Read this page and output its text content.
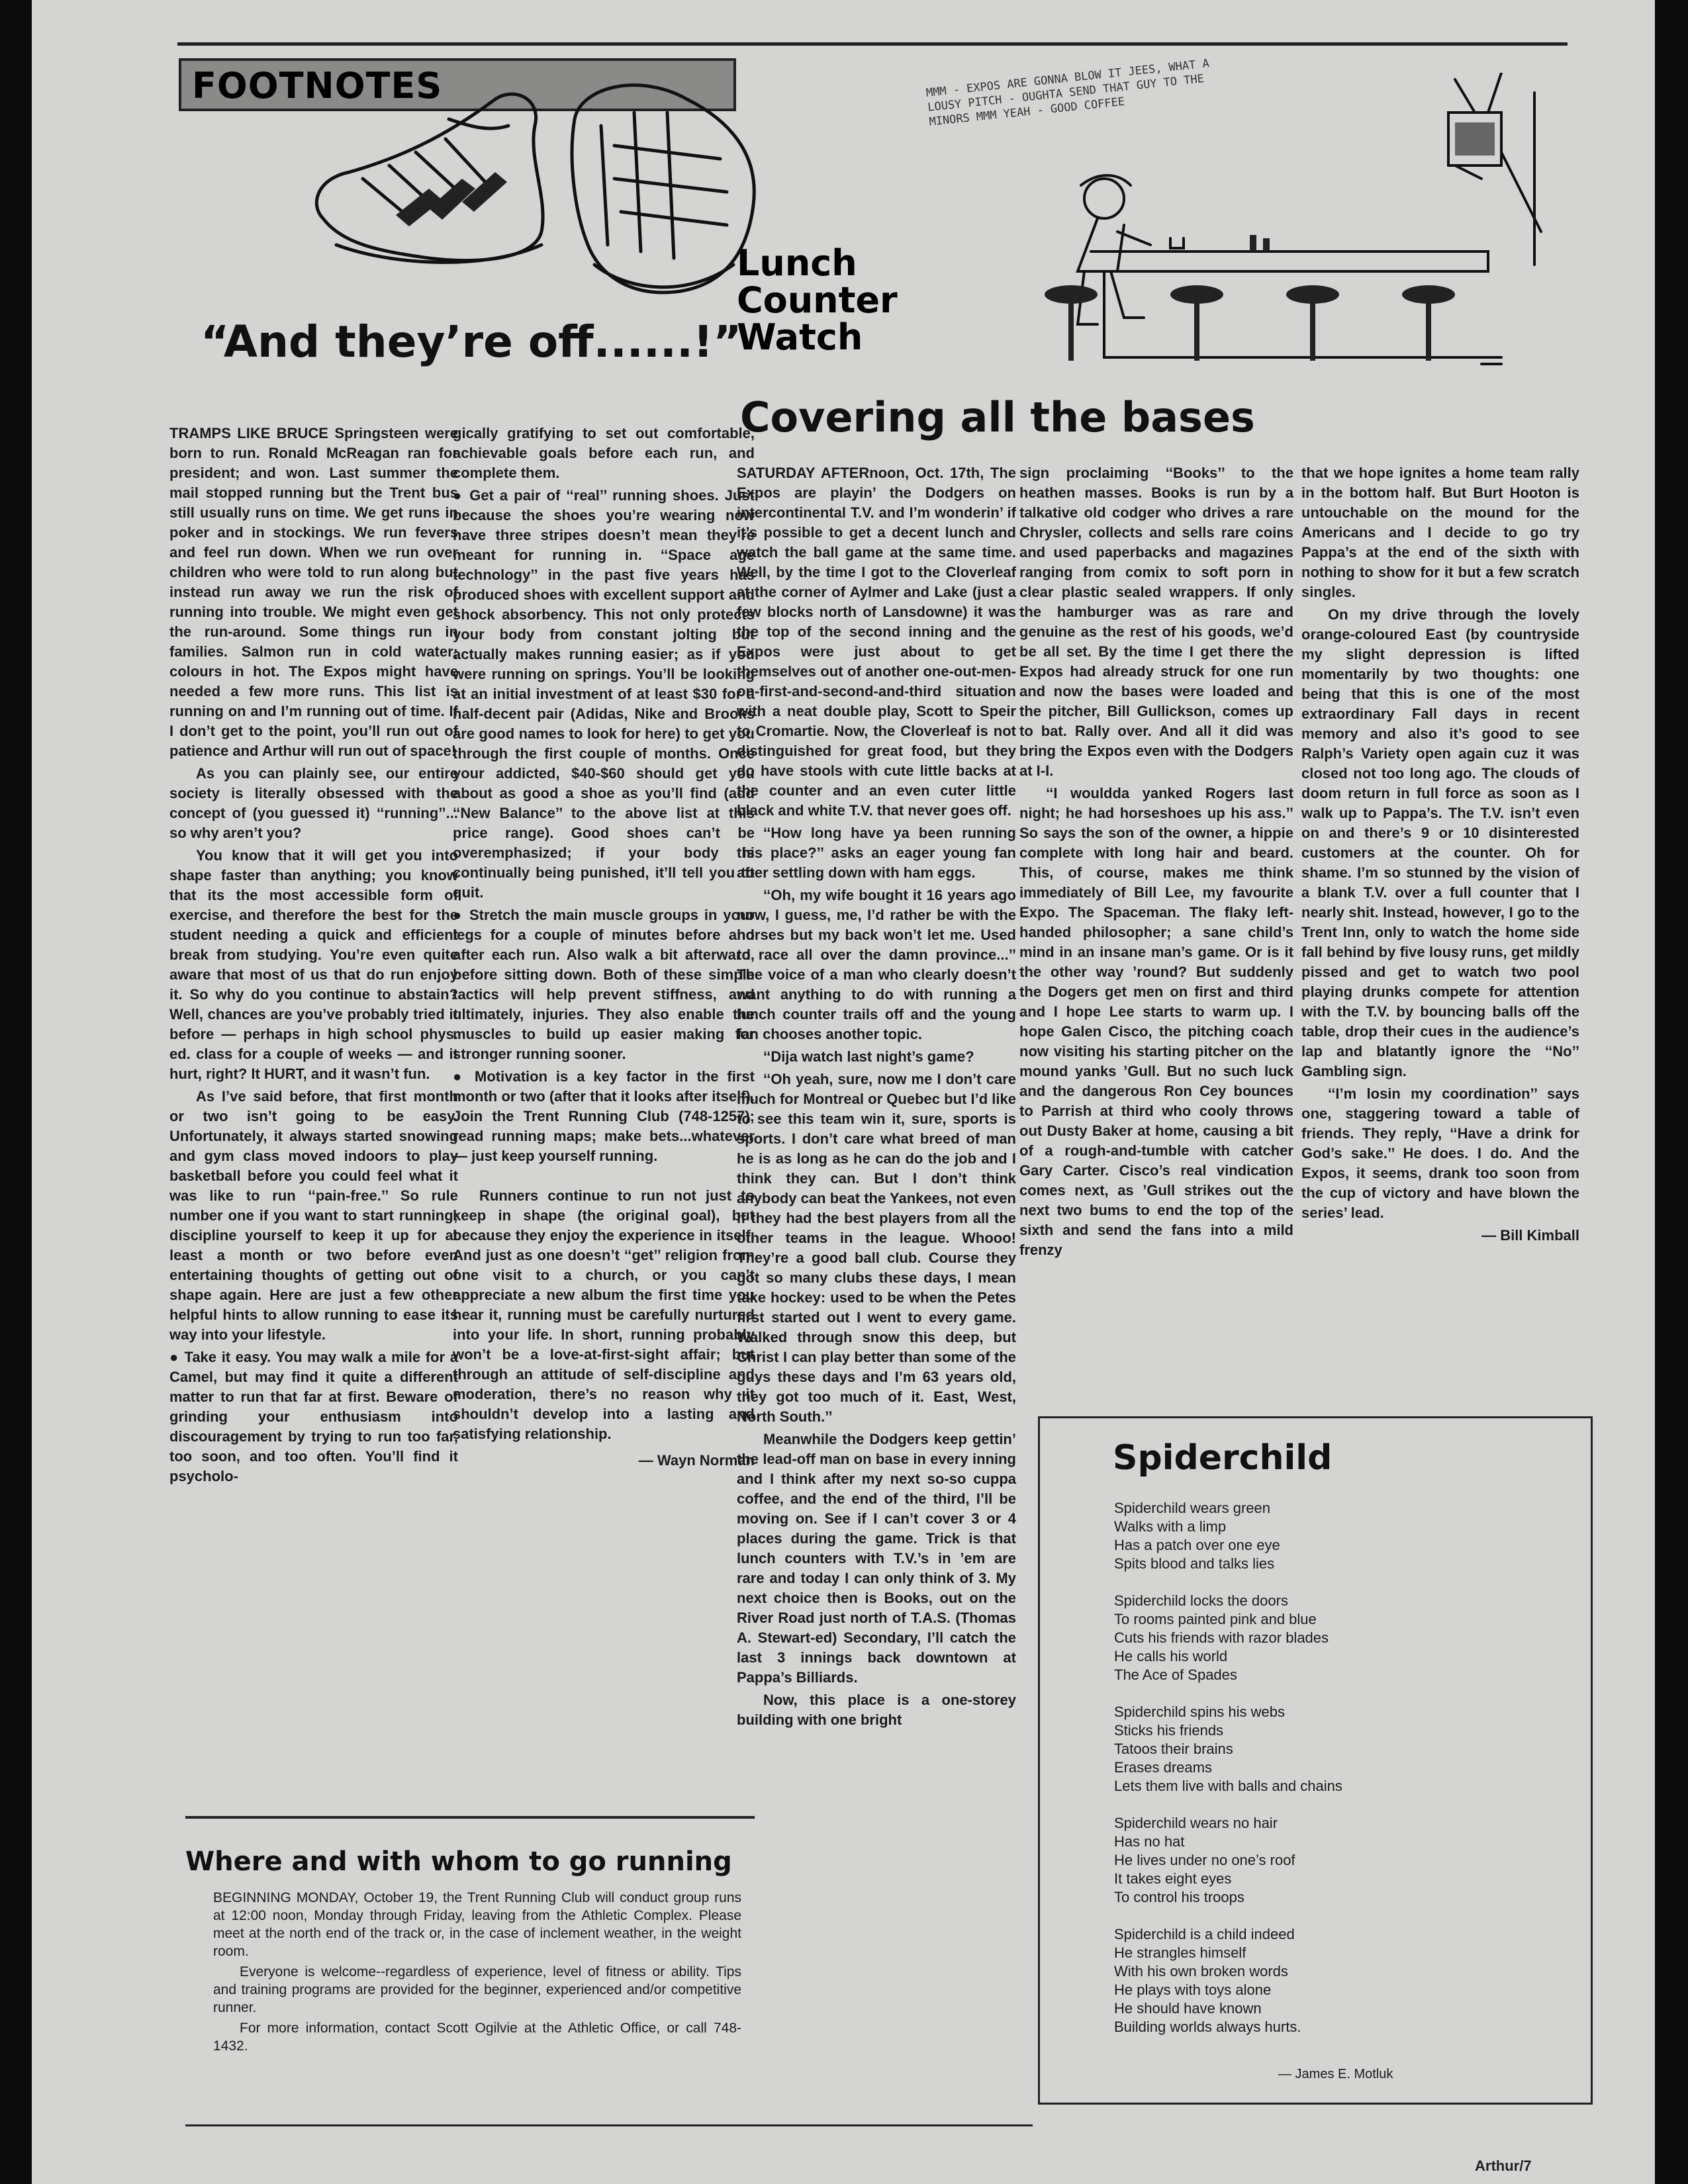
FOOTNOTES
“And they’re off......!”
Lunch
Counter
Watch
Covering all the bases
MMM - EXPOS ARE GONNA BLOW IT JEES, WHAT A LOUSY PITCH - OUGHTA SEND THAT GUY TO THE MINORS MMM YEAH - GOOD COFFEE

TRAMPS LIKE BRUCE Springsteen were born to run. Ronald McReagan ran for president; and won. Last summer the mail stopped running but the Trent bus still usually runs on time. We get runs in poker and in stockings. We run fevers and feel run down. When we run over children who were told to run along but instead run away we run the risk of running into trouble. We might even get the run-around. Some things run in families. Salmon run in cold water; colours in hot. The Expos might have needed a few more runs. This list is running on and I’m running out of time. If I don’t get to the point, you’ll run out of patience and Arthur will run out of space!

As you can plainly see, our entire society is literally obsessed with the concept of (you guessed it) ‘‘running’’... so why aren’t you?

You know that it will get you into shape faster than anything; you know that its the most accessible form of exercise, and therefore the best for the student needing a quick and efficient break from studying. You’re even quite aware that most of us that do run enjoy it. So why do you continue to abstain? Well, chances are you’ve probably tried it before — perhaps in high school phys. ed. class for a couple of weeks — and it hurt, right? It HURT, and it wasn’t fun.

As I’ve said before, that first month or two isn’t going to be easy. Unfortunately, it always started snowing and gym class moved indoors to play basketball before you could feel what it was like to run ‘‘pain-free.’’ So rule number one if you want to start running; discipline yourself to keep it up for at least a month or two before even entertaining thoughts of getting out of shape again. Here are just a few other helpful hints to allow running to ease its way into your lifestyle.

● Take it easy. You may walk a mile for a Camel, but may find it quite a different matter to run that far at first. Beware of grinding your enthusiasm into discouragement by trying to run too far, too soon, and too often. You’ll find it psycholo-

gically gratifying to set out comfortable, achievable goals before each run, and complete them.

● Get a pair of ‘‘real’’ running shoes. Just because the shoes you’re wearing now have three stripes doesn’t mean they’re meant for running in. ‘‘Space age technology’’ in the past five years has produced shoes with excellent support and shock absorbency. This not only protects your body from constant jolting but actually makes running easier; as if you were running on springs. You’ll be looking at an initial investment of at least $30 for a half-decent pair (Adidas, Nike and Brooks are good names to look for here) to get you through the first couple of months. Once your addicted, $40-$60 should get you about as good a shoe as you’ll find (add ‘‘New Balance’’ to the above list at this price range). Good shoes can’t be overemphasized; if your body is continually being punished, it’ll tell you to quit.

● Stretch the main muscle groups in your legs for a couple of minutes before and after each run. Also walk a bit afterward, before sitting down. Both of these simple tactics will help prevent stiffness, and ultimately, injuries. They also enable the muscles to build up easier making for stronger running sooner.

● Motivation is a key factor in the first month or two (after that it looks after itself). Join the Trent Running Club (748-1257); read running maps; make bets...whatever — just keep yourself running.

Runners continue to run not just to keep in shape (the original goal), but because they enjoy the experience in itself. And just as one doesn’t ‘‘get’’ religion from one visit to a church, or you can’t appreciate a new album the first time you hear it, running must be carefully nurtured into your life. In short, running probably won’t be a love-at-first-sight affair; but through an attitude of self-discipline and moderation, there’s no reason why it shouldn’t develop into a lasting and satisfying relationship.

— Wayn Norman

Where and with whom to go running

BEGINNING MONDAY, October 19, the Trent Running Club will conduct group runs at 12:00 noon, Monday through Friday, leaving from the Athletic Complex. Please meet at the north end of the track or, in the case of inclement weather, in the weight room.

Everyone is welcome--regardless of experience, level of fitness or ability. Tips and training programs are provided for the beginner, experienced and/or competitive runner.

For more information, contact Scott Ogilvie at the Athletic Office, or call 748-1432.

SATURDAY AFTERnoon, Oct. 17th, The Expos are playin’ the Dodgers on intercontinental T.V. and I’m wonderin’ if it’s possible to get a decent lunch and watch the ball game at the same time. Well, by the time I got to the Cloverleaf at the corner of Aylmer and Lake (just a few blocks north of Lansdowne) it was the top of the second inning and the Expos were just about to get themselves out of another one-out-men-on-first-and-second-and-third situation with a neat double play, Scott to Speir to Cromartie. Now, the Cloverleaf is not distinguished for great food, but they do have stools with cute little backs at the counter and an even cuter little black and white T.V. that never goes off.

‘‘How long have ya been running this place?’’ asks an eager young fan after settling down with ham eggs.

‘‘Oh, my wife bought it 16 years ago now, I guess, me, I’d rather be with the horses but my back won’t let me. Used to race all over the damn province...’’ The voice of a man who clearly doesn’t want anything to do with running a lunch counter trails off and the young fan chooses another topic.

‘‘Dija watch last night’s game?

‘‘Oh yeah, sure, now me I don’t care much for Montreal or Quebec but I’d like to see this team win it, sure, sports is sports. I don’t care what breed of man he is as long as he can do the job and I think they can. But I don’t think anybody can beat the Yankees, not even if they had the best players from all the other teams in the league. Whooo! They’re a good ball club. Course they got so many clubs these days, I mean take hockey: used to be when the Petes first started out I went to every game. Walked through snow this deep, but Christ I can play better than some of the guys these days and I’m 63 years old, they got too much of it. East, West, North South.’’

Meanwhile the Dodgers keep gettin’ the lead-off man on base in every inning and I think after my next so-so cuppa coffee, and the end of the third, I’ll be moving on. See if I can’t cover 3 or 4 places during the game. Trick is that lunch counters with T.V.’s in ’em are rare and today I can only think of 3. My next choice then is Books, out on the River Road just north of T.A.S. (Thomas A. Stewart-ed) Secondary, I’ll catch the last 3 innings back downtown at Pappa’s Billiards.

Now, this place is a one-storey building with one bright

sign proclaiming ‘‘Books’’ to the heathen masses. Books is run by a talkative old codger who drives a rare Chrysler, collects and sells rare coins and used paperbacks and magazines ranging from comix to soft porn in clear plastic sealed wrappers. If only the hamburger was as rare and genuine as the rest of his goods, we’d be all set. By the time I get there the Expos had already struck for one run and now the bases were loaded and the pitcher, Bill Gullickson, comes up to bat. Rally over. And all it did was bring the Expos even with the Dodgers at I-I.

‘‘I wouldda yanked Rogers last night; he had horseshoes up his ass.’’ So says the son of the owner, a hippie complete with long hair and beard. This, of course, makes me think immediately of Bill Lee, my favourite Expo. The Spaceman. The flaky left-handed philosopher; a sane child’s mind in an insane man’s game. Or is it the other way ’round? But suddenly the Dogers get men on first and third and I hope Lee starts to warm up. I hope Galen Cisco, the pitching coach now visiting his starting pitcher on the mound yanks ’Gull. But no such luck and the dangerous Ron Cey bounces to Parrish at third who cooly throws out Dusty Baker at home, causing a bit of a rough-and-tumble with catcher Gary Carter. Cisco’s real vindication comes next, as ’Gull strikes out the next two bums to end the top of the sixth and send the fans into a mild frenzy

that we hope ignites a home team rally in the bottom half. But Burt Hooton is untouchable on the mound for the Americans and I decide to go try Pappa’s at the end of the sixth with nothing to show for it but a few scratch singles.

On my drive through the lovely orange-coloured East (by countryside my slight depression is lifted momentarily by two thoughts: one being that this is one of the most extraordinary Fall days in recent memory and also it’s good to see Ralph’s Variety open again cuz it was closed not too long ago. The clouds of doom return in full force as soon as I walk up to Pappa’s. The T.V. isn’t even on and there’s 9 or 10 disinterested customers at the counter. Oh for shame. I’m so stunned by the vision of a blank T.V. over a full counter that I nearly shit. Instead, however, I go to the Trent Inn, only to watch the home side fall behind by five lousy runs, get mildly pissed and get to watch two pool playing drunks compete for attention with the T.V. by bouncing balls off the table, drop their cues in the audience’s lap and blatantly ignore the ‘‘No’’ Gambling sign.

‘‘I’m losin my coordination’’ says one, staggering toward a table of friends. They reply, ‘‘Have a drink for God’s sake.’’ He does. I do. And the Expos, it seems, drank too soon from the cup of victory and have blown the series’ lead.

— Bill Kimball

Spiderchild
Spiderchild wears green
Walks with a limp
Has a patch over one eye
Spits blood and talks lies
Spiderchild locks the doors
To rooms painted pink and blue
Cuts his friends with razor blades
He calls his world
The Ace of Spades
Spiderchild spins his webs
Sticks his friends
Tatoos their brains
Erases dreams
Lets them live with balls and chains
Spiderchild wears no hair
Has no hat
He lives under no one’s roof
It takes eight eyes
To control his troops
Spiderchild is a child indeed
He strangles himself
With his own broken words
He plays with toys alone
He should have known
Building worlds always hurts.
— James E. Motluk
Arthur/7
